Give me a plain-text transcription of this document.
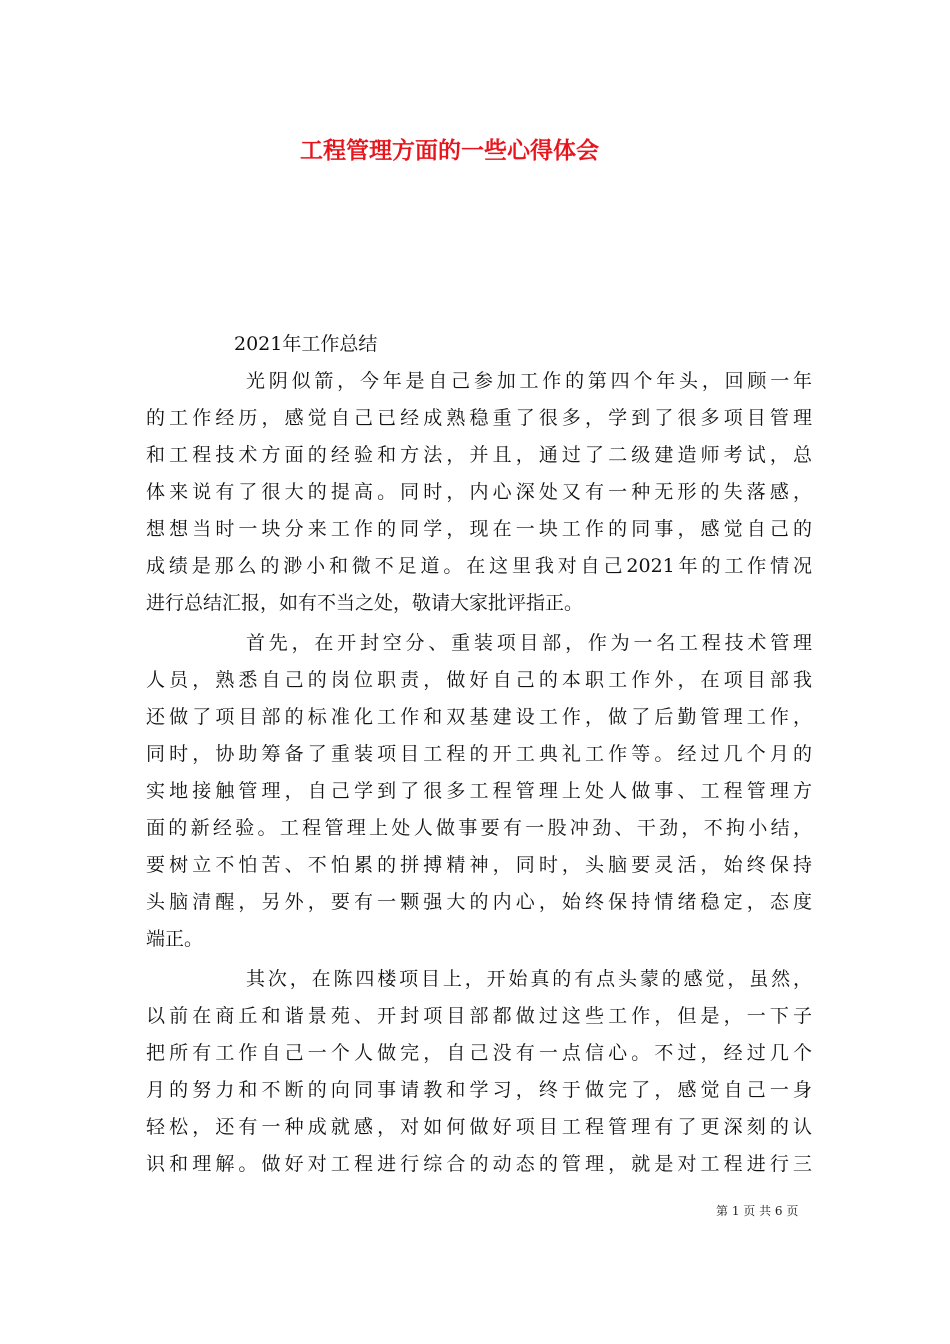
工程管理方面的一些心得体会

2021年工作总结

光阴似箭，今年是自己参加工作的第四个年头，回顾一年

的工作经历，感觉自己已经成熟稳重了很多，学到了很多项目管理

和工程技术方面的经验和方法，并且，通过了二级建造师考试，总

体来说有了很大的提高。同时，内心深处又有一种无形的失落感，

想想当时一块分来工作的同学，现在一块工作的同事，感觉自己的

成绩是那么的渺小和微不足道。在这里我对自己2021年的工作情况

进行总结汇报，如有不当之处，敬请大家批评指正。

首先，在开封空分、重装项目部，作为一名工程技术管理

人员，熟悉自己的岗位职责，做好自己的本职工作外，在项目部我

还做了项目部的标准化工作和双基建设工作，做了后勤管理工作，

同时，协助筹备了重装项目工程的开工典礼工作等。经过几个月的

实地接触管理，自己学到了很多工程管理上处人做事、工程管理方

面的新经验。工程管理上处人做事要有一股冲劲、干劲，不拘小结，

要树立不怕苦、不怕累的拼搏精神，同时，头脑要灵活，始终保持

头脑清醒，另外，要有一颗强大的内心，始终保持情绪稳定，态度

端正。

其次，在陈四楼项目上，开始真的有点头蒙的感觉，虽然，

以前在商丘和谐景苑、开封项目部都做过这些工作，但是，一下子

把所有工作自己一个人做完，自己没有一点信心。不过，经过几个

月的努力和不断的向同事请教和学习，终于做完了，感觉自己一身

轻松，还有一种成就感，对如何做好项目工程管理有了更深刻的认

识和理解。做好对工程进行综合的动态的管理，就是对工程进行三

第 1 页 共 6 页
